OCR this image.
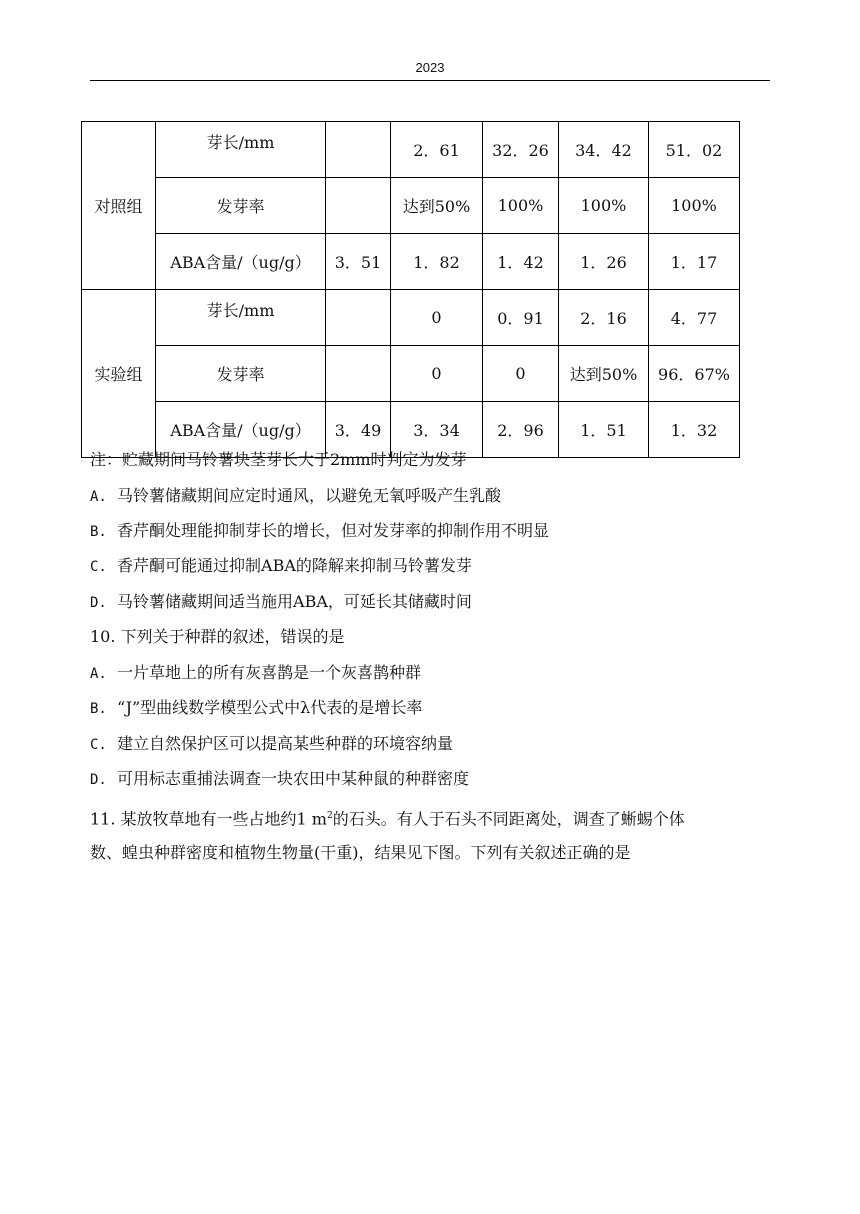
2023
对照组	芽长/mm		2．61	32．26	34．42	51．02
	发芽率		达到50%	100%	100%	100%
	ABA含量/（ug/g）	3．51	1．82	1．42	1．26	1．17
实验组	芽长/mm		0	0．91	2．16	4．77
	发芽率		0	0	达到50%	96．67%
	ABA含量/（ug/g）	3．49	3．34	2．96	1．51	1．32
注：贮藏期间马铃薯块茎芽长大于2mm时判定为发芽
A. 马铃薯储藏期间应定时通风，以避免无氧呼吸产生乳酸
B. 香芹酮处理能抑制芽长的增长，但对发芽率的抑制作用不明显
C. 香芹酮可能通过抑制ABA的降解来抑制马铃薯发芽
D. 马铃薯储藏期间适当施用ABA，可延长其储藏时间
10. 下列关于种群的叙述，错误的是
A. 一片草地上的所有灰喜鹊是一个灰喜鹊种群
B. “J”型曲线数学模型公式中λ代表的是增长率
C. 建立自然保护区可以提高某些种群的环境容纳量
D. 可用标志重捕法调查一块农田中某种鼠的种群密度
11. 某放牧草地有一些占地约1 $m^2$的石头。有人于石头不同距离处，调查了蜥蜴个体
数、蝗虫种群密度和植物生物量(干重)，结果见下图。下列有关叙述正确的是
